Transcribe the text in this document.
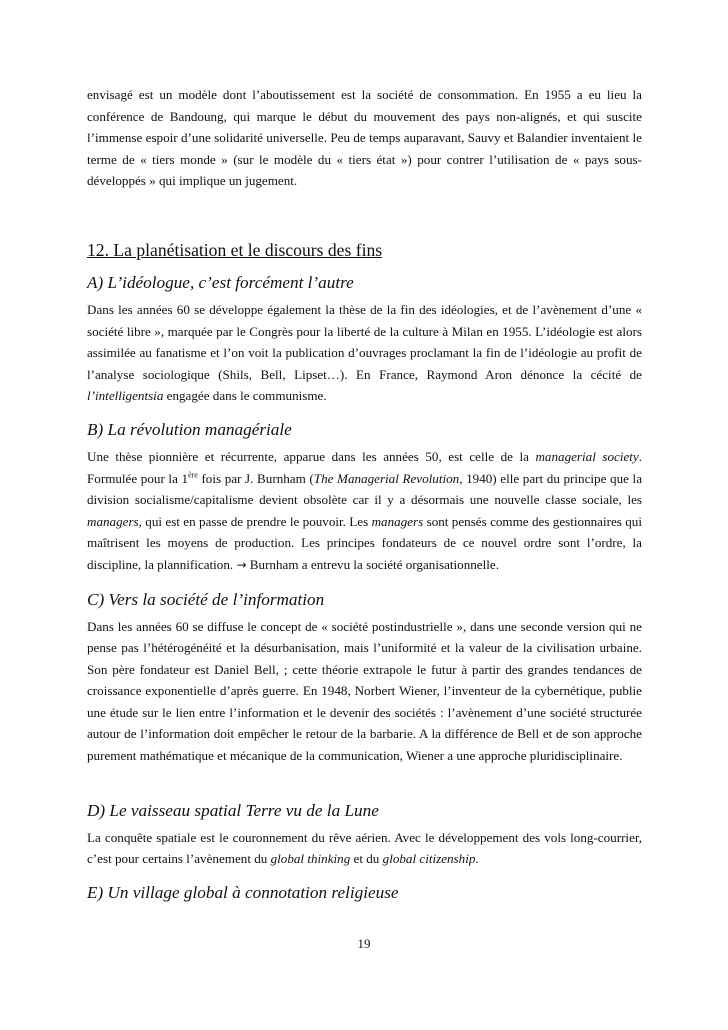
envisagé est un modèle dont l’aboutissement est la société de consommation. En 1955 a eu lieu la conférence de Bandoung, qui marque le début du mouvement des pays non-alignés, et qui suscite l’immense espoir d’une solidarité universelle. Peu de temps auparavant, Sauvy et Balandier inventaient le terme de « tiers monde » (sur le modèle du « tiers état ») pour contrer l’utilisation de « pays sous-développés » qui implique un jugement.

12. La planétisation et le discours des fins
A) L’idéologue, c’est forcément l’autre

Dans les années 60 se développe également la thèse de la fin des idéologies, et de l’avènement d’une « société libre », marquée par le Congrès pour la liberté de la culture à Milan en 1955. L’idéologie est alors assimilée au fanatisme et l’on voit la publication d’ouvrages proclamant la fin de l’idéologie au profit de l’analyse sociologique (Shils, Bell, Lipset…). En France, Raymond Aron dénonce la cécité de l’intelligentsia engagée dans le communisme.

B) La révolution managériale

Une thèse pionnière et récurrente, apparue dans les années 50, est celle de la managerial society. Formulée pour la 1ère fois par J. Burnham (The Managerial Revolution, 1940) elle part du principe que la division socialisme/capitalisme devient obsolète car il y a désormais une nouvelle classe sociale, les managers, qui est en passe de prendre le pouvoir. Les managers sont pensés comme des gestionnaires qui maîtrisent les moyens de production. Les principes fondateurs de ce nouvel ordre sont l’ordre, la discipline, la plannification. → Burnham a entrevu la société organisationnelle.

C) Vers la société de l’information

Dans les années 60 se diffuse le concept de « société postindustrielle », dans une seconde version qui ne pense pas l’hétérogénéité et la désurbanisation, mais l’uniformité et la valeur de la civilisation urbaine. Son père fondateur est Daniel Bell, ; cette théorie extrapole le futur à partir des grandes tendances de croissance exponentielle d’après guerre. En 1948, Norbert Wiener, l’inventeur de la cybernétique, publie une étude sur le lien entre l’information et le devenir des sociétés : l’avènement d’une société structurée autour de l’information doit empêcher le retour de la barbarie. A la différence de Bell et de son approche purement mathématique et mécanique de la communication, Wiener a une approche pluridisciplinaire.

D) Le vaisseau spatial Terre vu de la Lune

La conquête spatiale est le couronnement du rêve aérien. Avec le développement des vols long-courrier, c’est pour certains l’avènement du global thinking et du global citizenship.

E) Un village global à connotation religieuse
19
